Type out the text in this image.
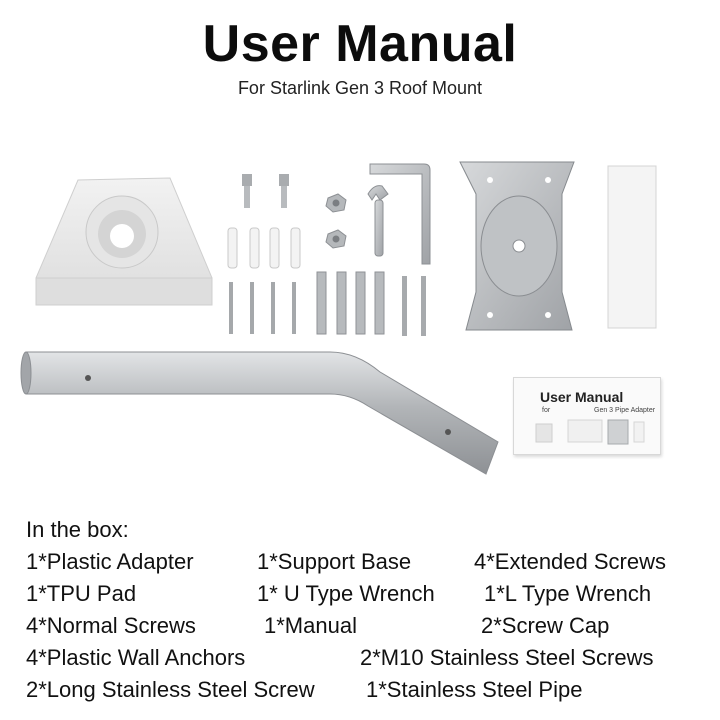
User Manual
For Starlink Gen 3 Roof Mount
User Manual
for	Gen 3 Pipe Adapter
In the box:
1*Plastic Adapter	1*Support Base	4*Extended Screws
1*TPU Pad	1* U Type Wrench 1*L Type Wrench
4*Normal Screws	1*Manual	2*Screw Cap
4*Plastic Wall Anchors	2*M10 Stainless Steel Screws
2*Long Stainless Steel Screw 1*Stainless Steel Pipe
